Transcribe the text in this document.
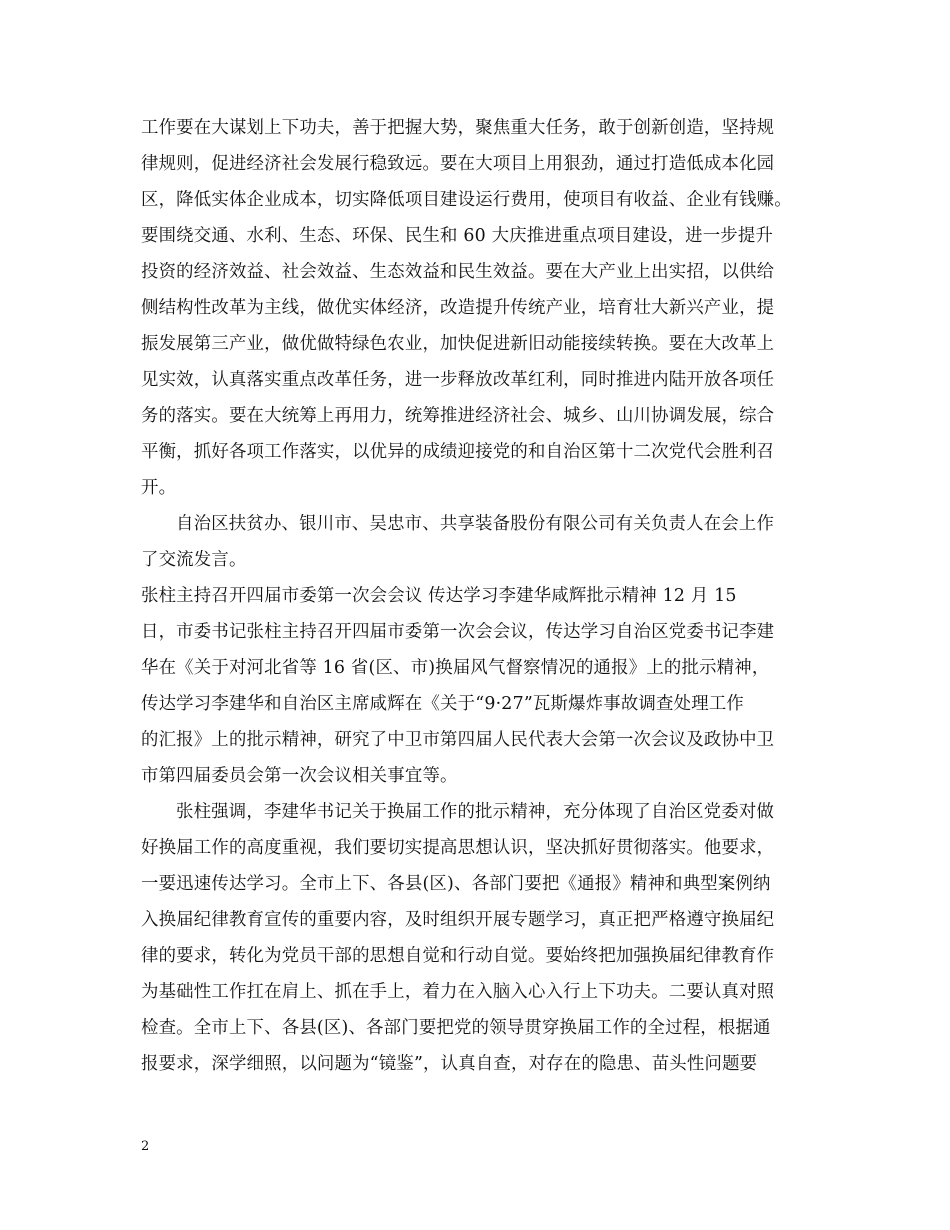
工作要在大谋划上下功夫，善于把握大势，聚焦重大任务，敢于创新创造，坚持规
律规则，促进经济社会发展行稳致远。要在大项目上用狠劲，通过打造低成本化园
区，降低实体企业成本，切实降低项目建设运行费用，使项目有收益、企业有钱赚。
要围绕交通、水利、生态、环保、民生和 60 大庆推进重点项目建设，进一步提升
投资的经济效益、社会效益、生态效益和民生效益。要在大产业上出实招，以供给
侧结构性改革为主线，做优实体经济，改造提升传统产业，培育壮大新兴产业，提
振发展第三产业，做优做特绿色农业，加快促进新旧动能接续转换。要在大改革上
见实效，认真落实重点改革任务，进一步释放改革红利，同时推进内陆开放各项任
务的落实。要在大统筹上再用力，统筹推进经济社会、城乡、山川协调发展，综合
平衡，抓好各项工作落实，以优异的成绩迎接党的和自治区第十二次党代会胜利召
开。
自治区扶贫办、银川市、吴忠市、共享装备股份有限公司有关负责人在会上作
了交流发言。
张柱主持召开四届市委第一次会会议 传达学习李建华咸辉批示精神 12 月 15
日，市委书记张柱主持召开四届市委第一次会会议，传达学习自治区党委书记李建
华在《关于对河北省等 16 省(区、市)换届风气督察情况的通报》上的批示精神，
传达学习李建华和自治区主席咸辉在《关于“9·27”瓦斯爆炸事故调查处理工作
的汇报》上的批示精神，研究了中卫市第四届人民代表大会第一次会议及政协中卫
市第四届委员会第一次会议相关事宜等。
张柱强调，李建华书记关于换届工作的批示精神，充分体现了自治区党委对做
好换届工作的高度重视，我们要切实提高思想认识，坚决抓好贯彻落实。他要求，
一要迅速传达学习。全市上下、各县(区)、各部门要把《通报》精神和典型案例纳
入换届纪律教育宣传的重要内容，及时组织开展专题学习，真正把严格遵守换届纪
律的要求，转化为党员干部的思想自觉和行动自觉。要始终把加强换届纪律教育作
为基础性工作扛在肩上、抓在手上，着力在入脑入心入行上下功夫。二要认真对照
检查。全市上下、各县(区)、各部门要把党的领导贯穿换届工作的全过程，根据通
报要求，深学细照，以问题为“镜鉴”，认真自查，对存在的隐患、苗头性问题要
2
